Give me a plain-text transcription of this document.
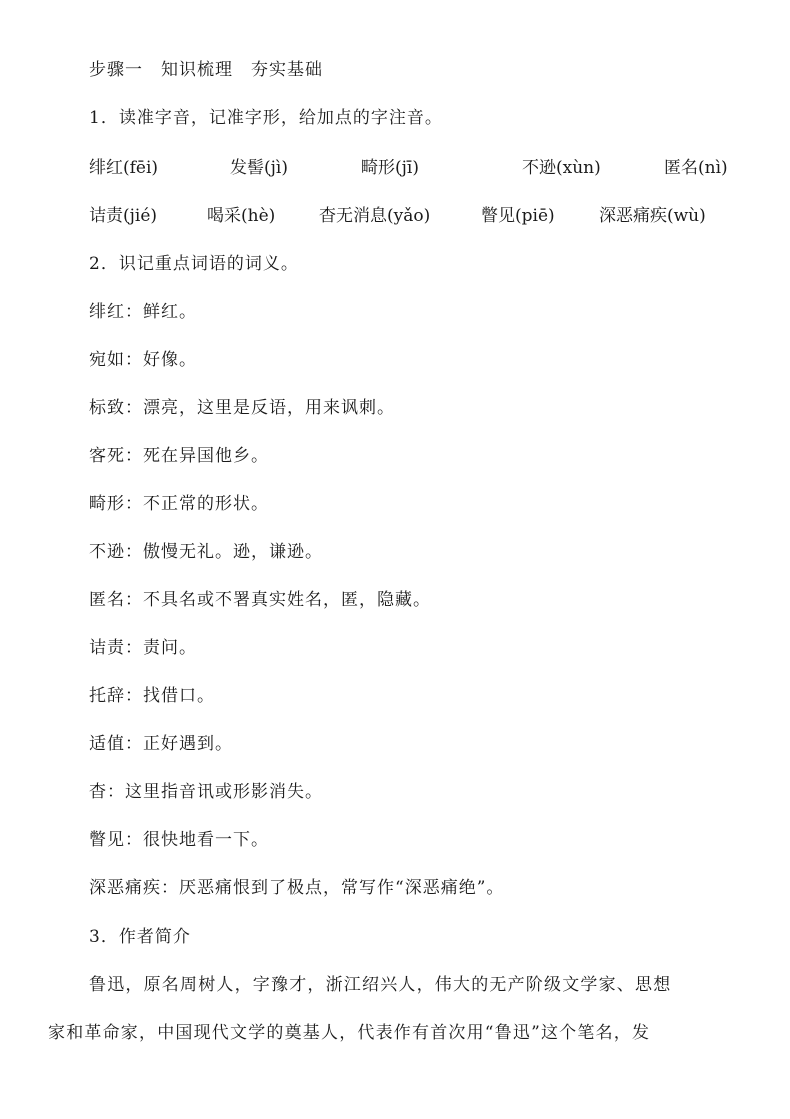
步骤一 知识梳理 夯实基础
1．读准字音，记准字形，给加点的字注音。
绯红(fēi)	发髻(jì)	畸形(jī)	不逊(xùn)	匿名(nì)
诘责(jié)	喝采(hè)	杳无消息(yǎo)	瞥见(piē)	深恶痛疾(wù)
2．识记重点词语的词义。
绯红：鲜红。
宛如：好像。
标致：漂亮，这里是反语，用来讽刺。
客死：死在异国他乡。
畸形：不正常的形状。
不逊：傲慢无礼。逊，谦逊。
匿名：不具名或不署真实姓名，匿，隐藏。
诘责：责问。
托辞：找借口。
适值：正好遇到。
杳：这里指音讯或形影消失。
瞥见：很快地看一下。
深恶痛疾：厌恶痛恨到了极点，常写作“深恶痛绝”。
3．作者简介
鲁迅，原名周树人，字豫才，浙江绍兴人，伟大的无产阶级文学家、思想
家和革命家，中国现代文学的奠基人，代表作有首次用“鲁迅”这个笔名，发
